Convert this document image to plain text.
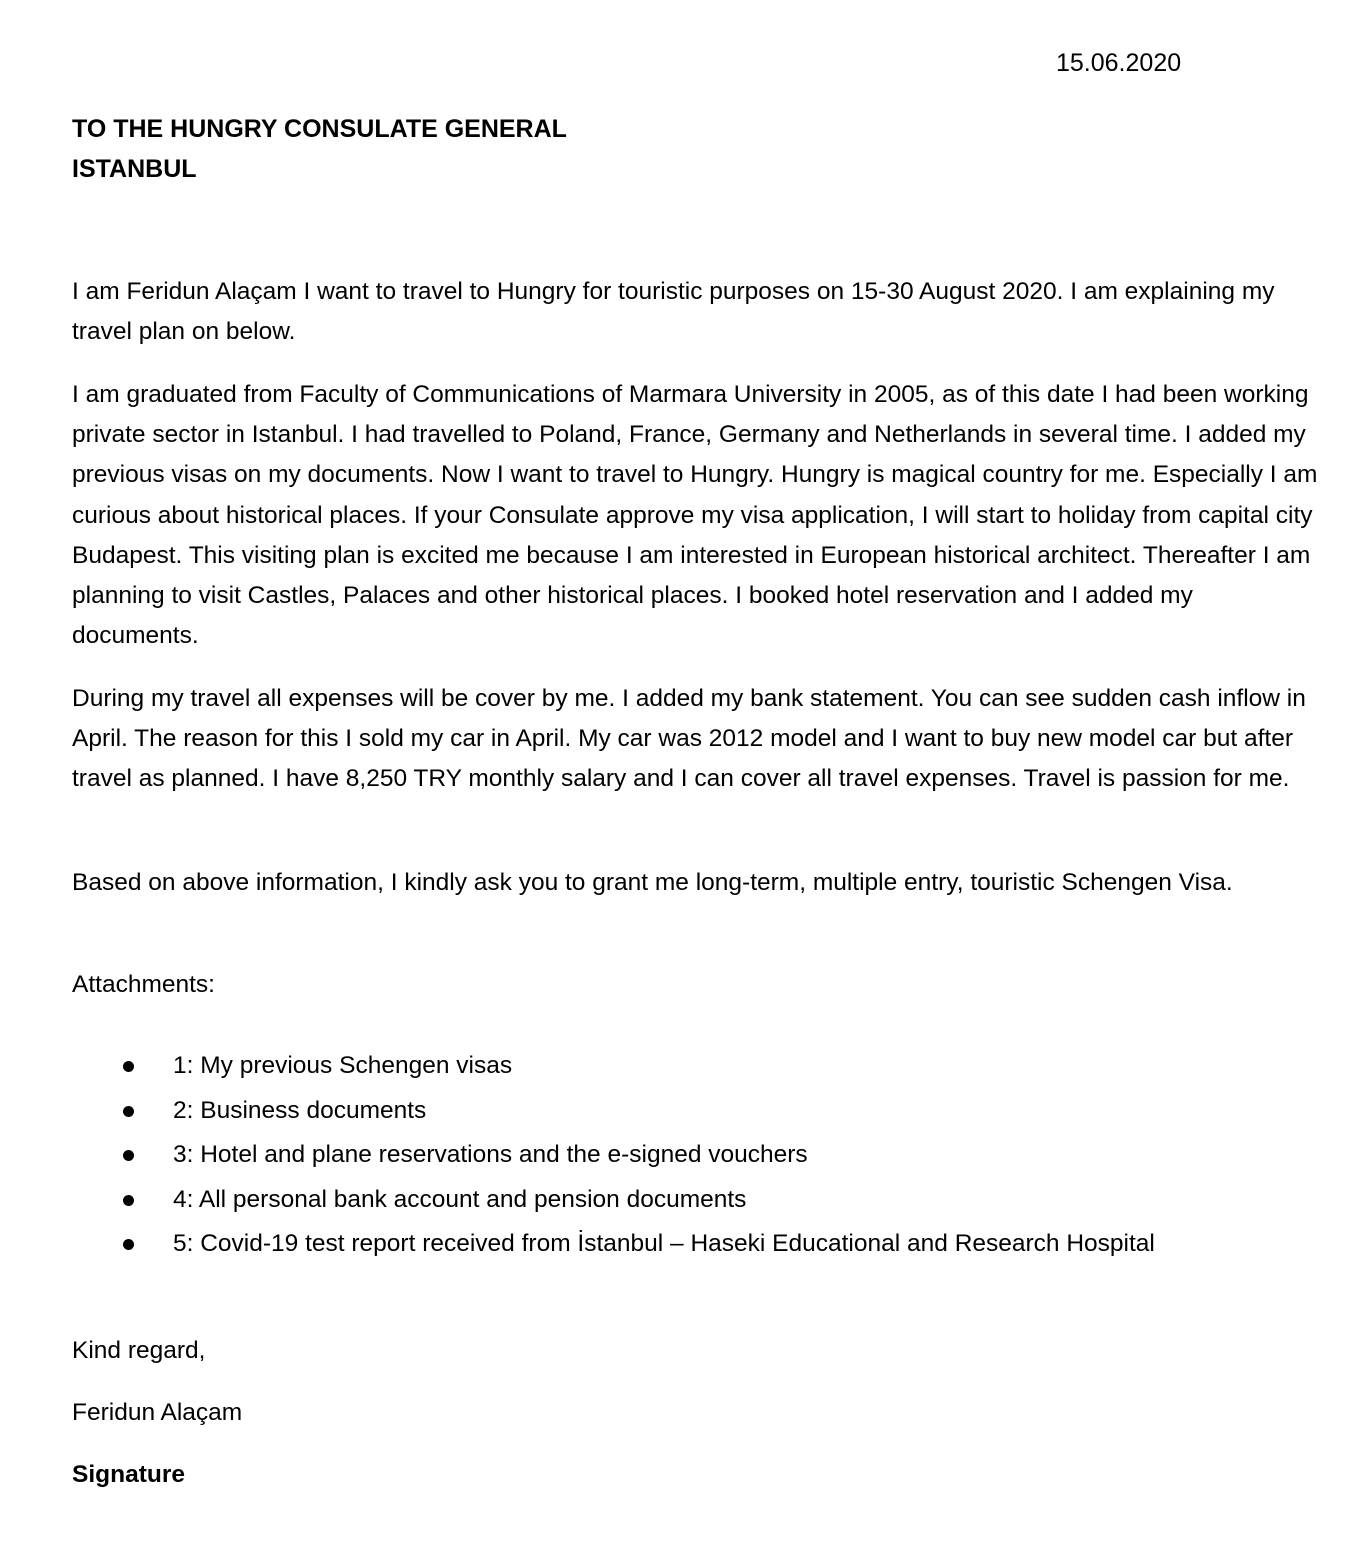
15.06.2020
TO THE HUNGRY CONSULATE GENERAL
ISTANBUL

I am Feridun Alaçam I want to travel to Hungry for touristic purposes on 15-30 August 2020. I am explaining my travel plan on below.

I am graduated from Faculty of Communications of Marmara University in 2005, as of this date I had been working private sector in Istanbul. I had travelled to Poland, France, Germany and Netherlands in several time. I added my previous visas on my documents. Now I want to travel to Hungry. Hungry is magical country for me. Especially I am curious about historical places. If your Consulate approve my visa application, I will start to holiday from capital city Budapest. This visiting plan is excited me because I am interested in European historical architect. Thereafter I am planning to visit Castles, Palaces and other historical places. I booked hotel reservation and I added my documents.

During my travel all expenses will be cover by me. I added my bank statement. You can see sudden cash inflow in April. The reason for this I sold my car in April. My car was 2012 model and I want to buy new model car but after travel as planned. I have 8,250 TRY monthly salary and I can cover all travel expenses. Travel is passion for me.

Based on above information, I kindly ask you to grant me long-term, multiple entry, touristic Schengen Visa.

Attachments:
1: My previous Schengen visas
2: Business documents
3: Hotel and plane reservations and the e-signed vouchers
4: All personal bank account and pension documents
5: Covid-19 test report received from İstanbul – Haseki Educational and Research Hospital
Kind regard,
Feridun Alaçam
Signature
